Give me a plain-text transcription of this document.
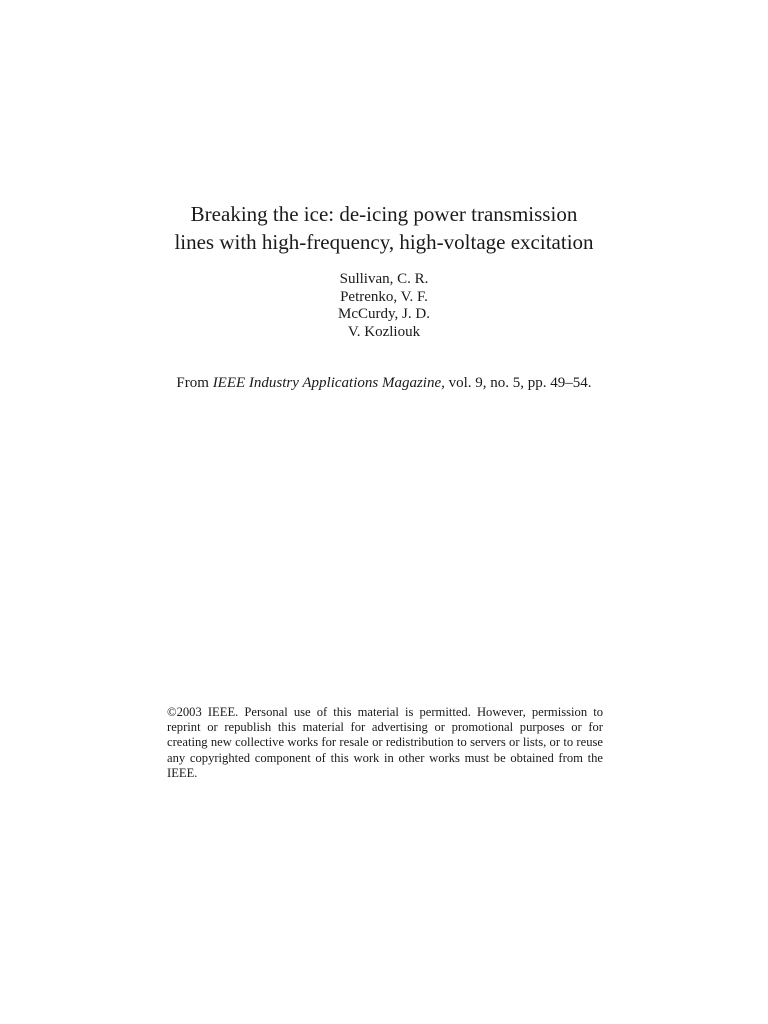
Breaking the ice: de-icing power transmission
lines with high-frequency, high-voltage excitation
Sullivan, C. R.
Petrenko, V. F.
McCurdy, J. D.
V. Kozliouk
From IEEE Industry Applications Magazine, vol. 9, no. 5, pp. 49–54.
©2003 IEEE. Personal use of this material is permitted. However, permission to reprint or republish this material for advertising or promotional purposes or for creating new collective works for resale or redistribution to servers or lists, or to reuse any copyrighted component of this work in other works must be obtained from the IEEE.
